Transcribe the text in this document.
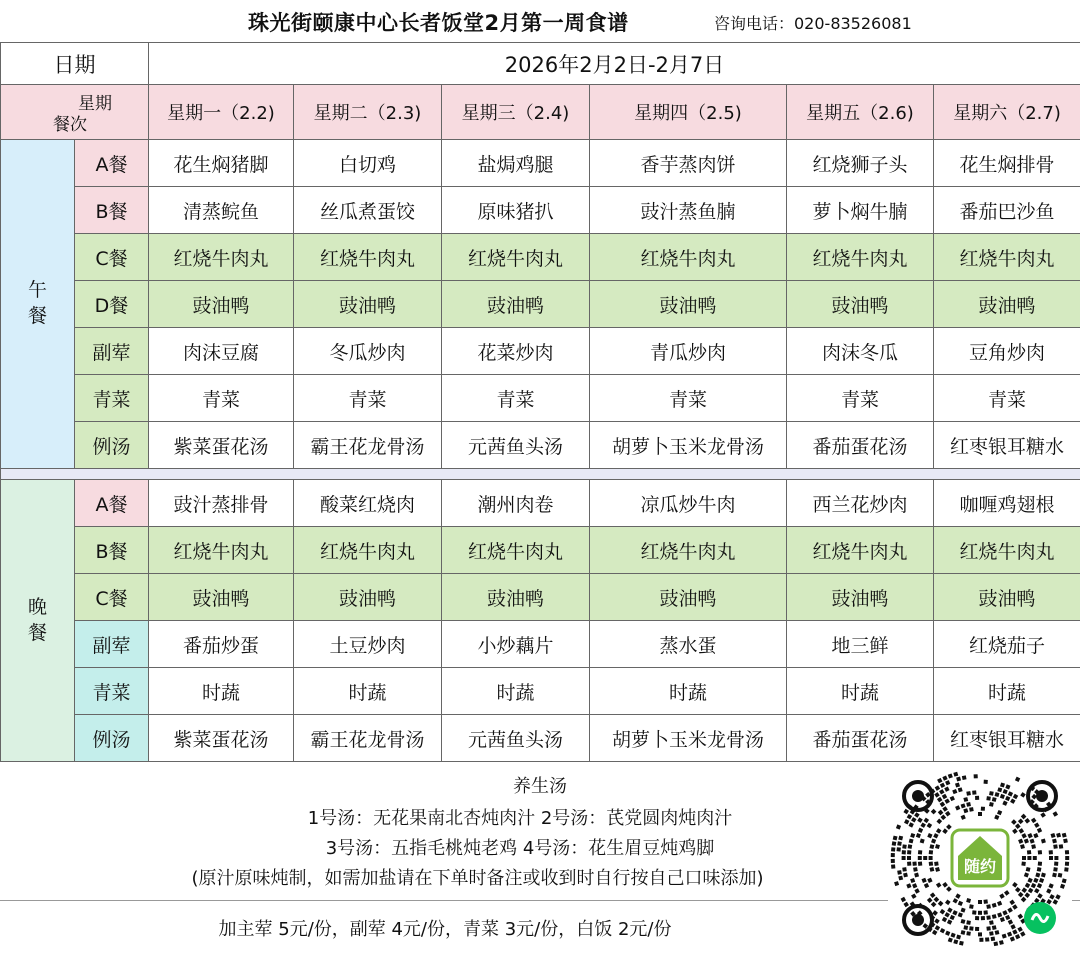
珠光街颐康中心长者饭堂2月第一周食谱	咨询电话：020-83526081
日期		2026年2月2日-2月7日					

星期
餐次		星期一（2.2)	星期二（2.3)	星期三（2.4)	星期四（2.5)	星期五（2.6)	星期六（2.7)
午
餐	A餐	花生焖猪脚	白切鸡	盐焗鸡腿	香芋蒸肉饼	红烧狮子头	花生焖排骨
	B餐	清蒸鲩鱼	丝瓜煮蛋饺	原味猪扒	豉汁蒸鱼腩	萝卜焖牛腩	番茄巴沙鱼
	C餐	红烧牛肉丸	红烧牛肉丸	红烧牛肉丸	红烧牛肉丸	红烧牛肉丸	红烧牛肉丸
	D餐	豉油鸭	豉油鸭	豉油鸭	豉油鸭	豉油鸭	豉油鸭
	副荤	肉沫豆腐	冬瓜炒肉	花菜炒肉	青瓜炒肉	肉沫冬瓜	豆角炒肉
	青菜	青菜	青菜	青菜	青菜	青菜	青菜
	例汤	紫菜蛋花汤	霸王花龙骨汤	元茜鱼头汤	胡萝卜玉米龙骨汤	番茄蛋花汤	红枣银耳糖水

晚
餐	A餐	豉汁蒸排骨	酸菜红烧肉	潮州肉卷	凉瓜炒牛肉	西兰花炒肉	咖喱鸡翅根
	B餐	红烧牛肉丸	红烧牛肉丸	红烧牛肉丸	红烧牛肉丸	红烧牛肉丸	红烧牛肉丸
	C餐	豉油鸭	豉油鸭	豉油鸭	豉油鸭	豉油鸭	豉油鸭
	副荤	番茄炒蛋	土豆炒肉	小炒藕片	蒸水蛋	地三鲜	红烧茄子
	青菜	时蔬	时蔬	时蔬	时蔬	时蔬	时蔬
	例汤	紫菜蛋花汤	霸王花龙骨汤	元茜鱼头汤	胡萝卜玉米龙骨汤	番茄蛋花汤	红枣银耳糖水
养生汤
1号汤：无花果南北杏炖肉汁 2号汤：芪党圆肉炖肉汁
3号汤：五指毛桃炖老鸡 4号汤：花生眉豆炖鸡脚
(原汁原味炖制，如需加盐请在下单时备注或收到时自行按自己口味添加)
加主荤 5元/份，副荤 4元/份，青菜 3元/份，白饭 2元/份
随约
